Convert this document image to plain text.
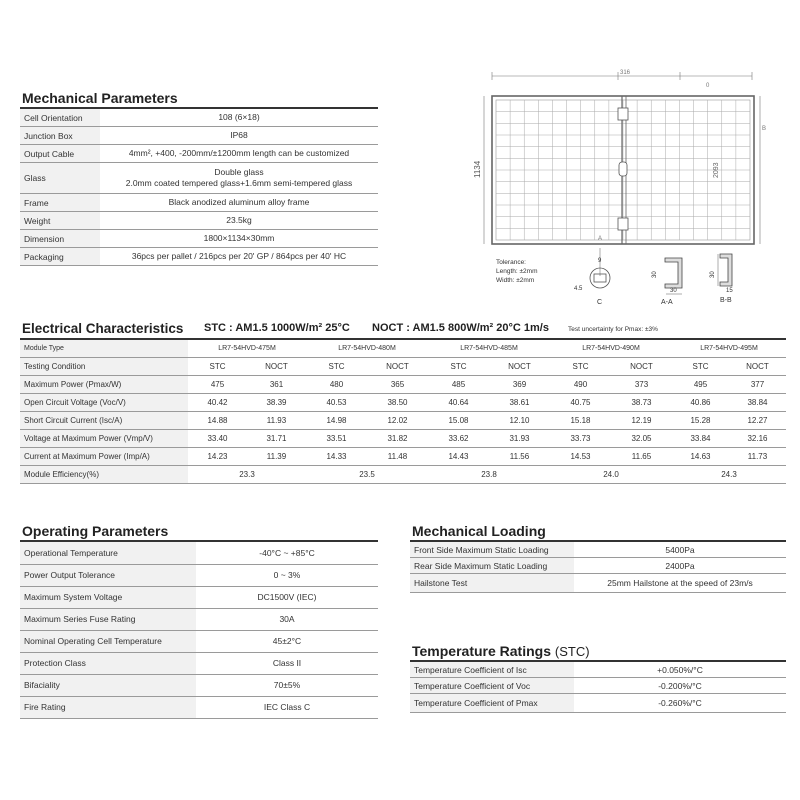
Mechanical Parameters
Cell Orientation	108 (6×18)

Junction Box	IP68

Output Cable	4mm², +400, -200mm/±1200mm length can be customized

Glass	Double glass
2.0mm coated tempered glass+1.6mm semi-tempered glass

Frame	Black anodized aluminum alloy frame

Weight	23.5kg

Dimension	1800×1134×30mm

Packaging	36pcs per pallet / 216pcs per 20' GP / 864pcs per 40' HC
316
0
1134	2093
B
A
Tolerance:
Length: ±2mm
Width: ±2mm
9
4.5
C
30
30
A-A
30
15
B-B
Electrical Characteristics STC : AM1.5 1000W/m² 25°C NOCT : AM1.5 800W/m² 20°C 1m/s	Test uncertainty for Pmax: ±3%
Module Type	LR7-54HVD-475M		LR7-54HVD-480M		LR7-54HVD-485M		LR7-54HVD-490M		LR7-54HVD-495M	
Testing Condition	STC	NOCT	STC	NOCT	STC	NOCT	STC	NOCT	STC	NOCT
Maximum Power (Pmax/W)	475	361	480	365	485	369	490	373	495	377
Open Circuit Voltage (Voc/V)	40.42	38.39	40.53	38.50	40.64	38.61	40.75	38.73	40.86	38.84
Short Circuit Current (Isc/A)	14.88	11.93	14.98	12.02	15.08	12.10	15.18	12.19	15.28	12.27
Voltage at Maximum Power (Vmp/V)	33.40	31.71	33.51	31.82	33.62	31.93	33.73	32.05	33.84	32.16
Current at Maximum Power (Imp/A)	14.23	11.39	14.33	11.48	14.43	11.56	14.53	11.65	14.63	11.73
Module Efficiency(%)	23.3		23.5		23.8		24.0		24.3	
Operating Parameters
Operational Temperature	-40°C ~ +85°C
Power Output Tolerance	0 ~ 3%
Maximum System Voltage	DC1500V (IEC)
Maximum Series Fuse Rating	30A
Nominal Operating Cell Temperature	45±2°C
Protection Class	Class II
Bifaciality	70±5%
Fire Rating	IEC Class C
Mechanical Loading
Front Side Maximum Static Loading	5400Pa
Rear Side Maximum Static Loading	2400Pa
Hailstone Test	25mm Hailstone at the speed of 23m/s
Temperature Ratings (STC)
Temperature Coefficient of Isc	+0.050%/°C
Temperature Coefficient of Voc	-0.200%/°C
Temperature Coefficient of Pmax	-0.260%/°C
